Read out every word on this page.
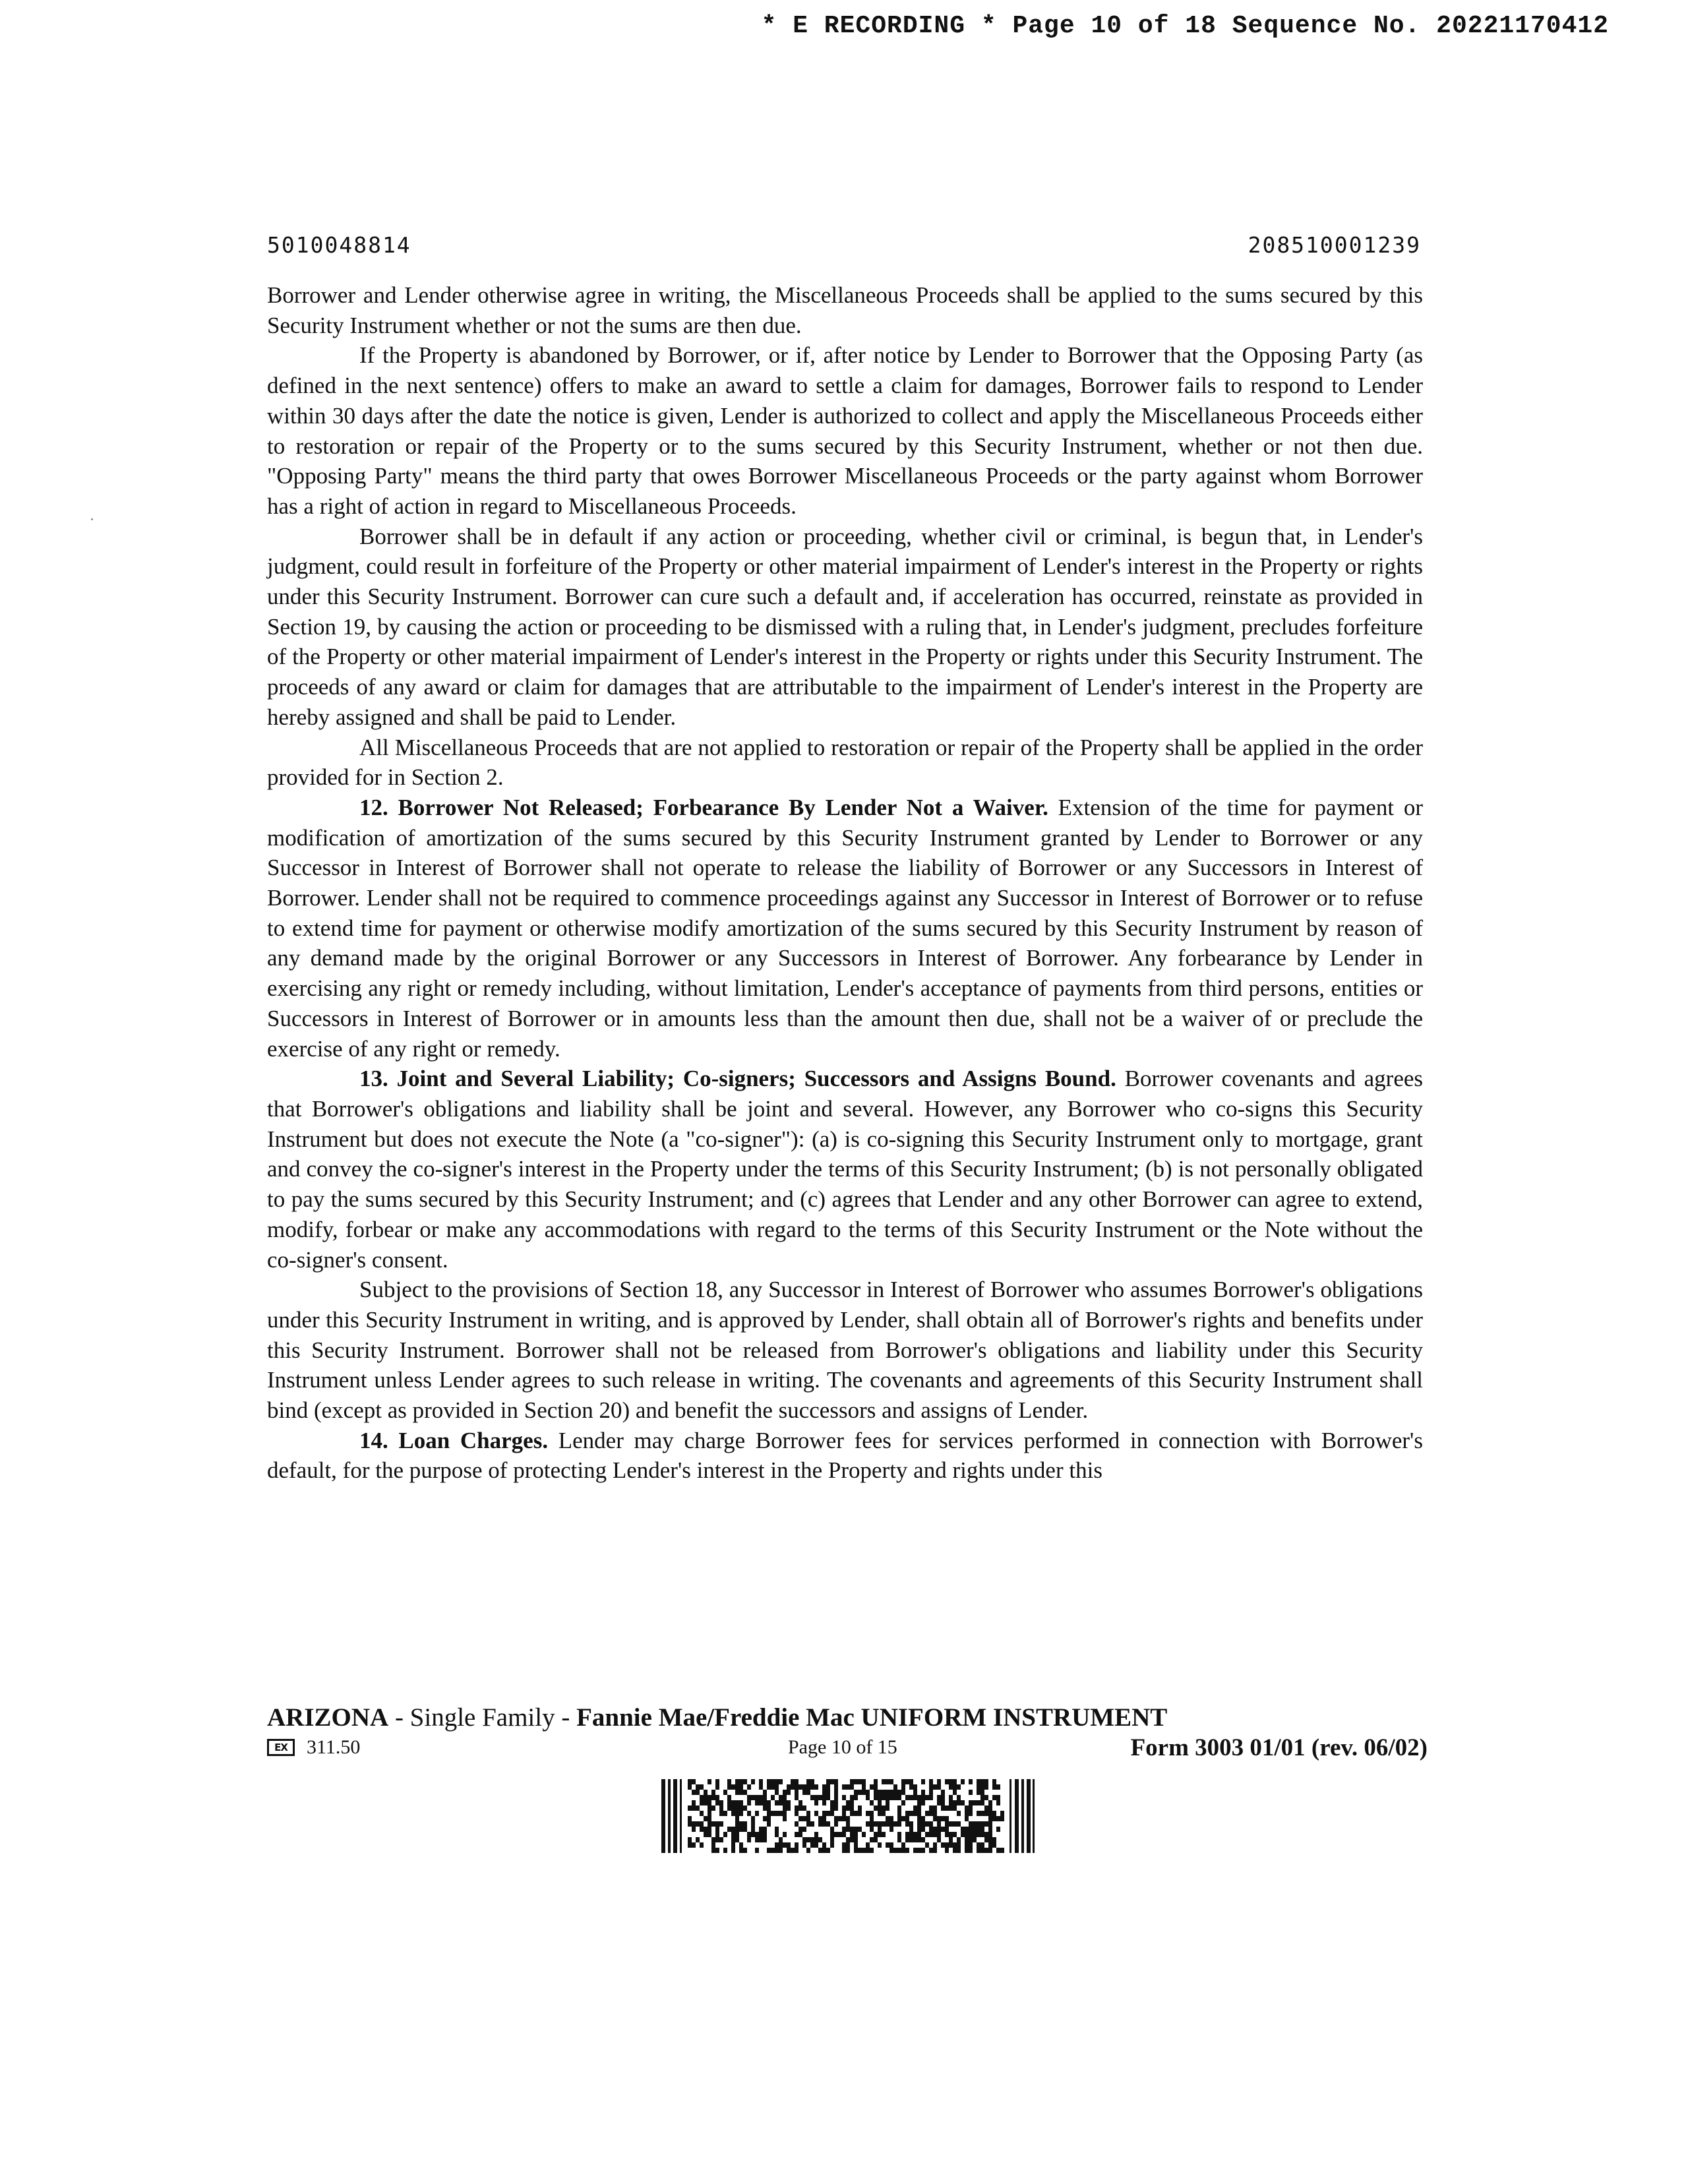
* E RECORDING * Page 10 of 18 Sequence No. 20221170412
5010048814	208510001239

Borrower and Lender otherwise agree in writing, the Miscellaneous Proceeds shall be applied to the sums secured by this Security Instrument whether or not the sums are then due.

If the Property is abandoned by Borrower, or if, after notice by Lender to Borrower that the Opposing Party (as defined in the next sentence) offers to make an award to settle a claim for damages, Borrower fails to respond to Lender within 30 days after the date the notice is given, Lender is authorized to collect and apply the Miscellaneous Proceeds either to restoration or repair of the Property or to the sums secured by this Security Instrument, whether or not then due. "Opposing Party" means the third party that owes Borrower Miscellaneous Proceeds or the party against whom Borrower has a right of action in regard to Miscellaneous Proceeds.

Borrower shall be in default if any action or proceeding, whether civil or criminal, is begun that, in Lender's judgment, could result in forfeiture of the Property or other material impairment of Lender's interest in the Property or rights under this Security Instrument. Borrower can cure such a default and, if acceleration has occurred, reinstate as provided in Section 19, by causing the action or proceeding to be dismissed with a ruling that, in Lender's judgment, precludes forfeiture of the Property or other material impairment of Lender's interest in the Property or rights under this Security Instrument. The proceeds of any award or claim for damages that are attributable to the impairment of Lender's interest in the Property are hereby assigned and shall be paid to Lender.

All Miscellaneous Proceeds that are not applied to restoration or repair of the Property shall be applied in the order provided for in Section 2.

12. Borrower Not Released; Forbearance By Lender Not a Waiver. Extension of the time for payment or modification of amortization of the sums secured by this Security Instrument granted by Lender to Borrower or any Successor in Interest of Borrower shall not operate to release the liability of Borrower or any Successors in Interest of Borrower. Lender shall not be required to commence proceedings against any Successor in Interest of Borrower or to refuse to extend time for payment or otherwise modify amortization of the sums secured by this Security Instrument by reason of any demand made by the original Borrower or any Successors in Interest of Borrower. Any forbearance by Lender in exercising any right or remedy including, without limitation, Lender's acceptance of payments from third persons, entities or Successors in Interest of Borrower or in amounts less than the amount then due, shall not be a waiver of or preclude the exercise of any right or remedy.

13. Joint and Several Liability; Co-signers; Successors and Assigns Bound. Borrower covenants and agrees that Borrower's obligations and liability shall be joint and several. However, any Borrower who co-signs this Security Instrument but does not execute the Note (a "co-signer"): (a) is co-signing this Security Instrument only to mortgage, grant and convey the co-signer's interest in the Property under the terms of this Security Instrument; (b) is not personally obligated to pay the sums secured by this Security Instrument; and (c) agrees that Lender and any other Borrower can agree to extend, modify, forbear or make any accommodations with regard to the terms of this Security Instrument or the Note without the co-signer's consent.

Subject to the provisions of Section 18, any Successor in Interest of Borrower who assumes Borrower's obligations under this Security Instrument in writing, and is approved by Lender, shall obtain all of Borrower's rights and benefits under this Security Instrument. Borrower shall not be released from Borrower's obligations and liability under this Security Instrument unless Lender agrees to such release in writing. The covenants and agreements of this Security Instrument shall bind (except as provided in Section 20) and benefit the successors and assigns of Lender.

14. Loan Charges. Lender may charge Borrower fees for services performed in connection with Borrower's default, for the purpose of protecting Lender's interest in the Property and rights under this

ARIZONA - Single Family - Fannie Mae/Freddie Mac UNIFORM INSTRUMENT
EX 311.50	Page 10 of 15	Form 3003 01/01 (rev. 06/02)
